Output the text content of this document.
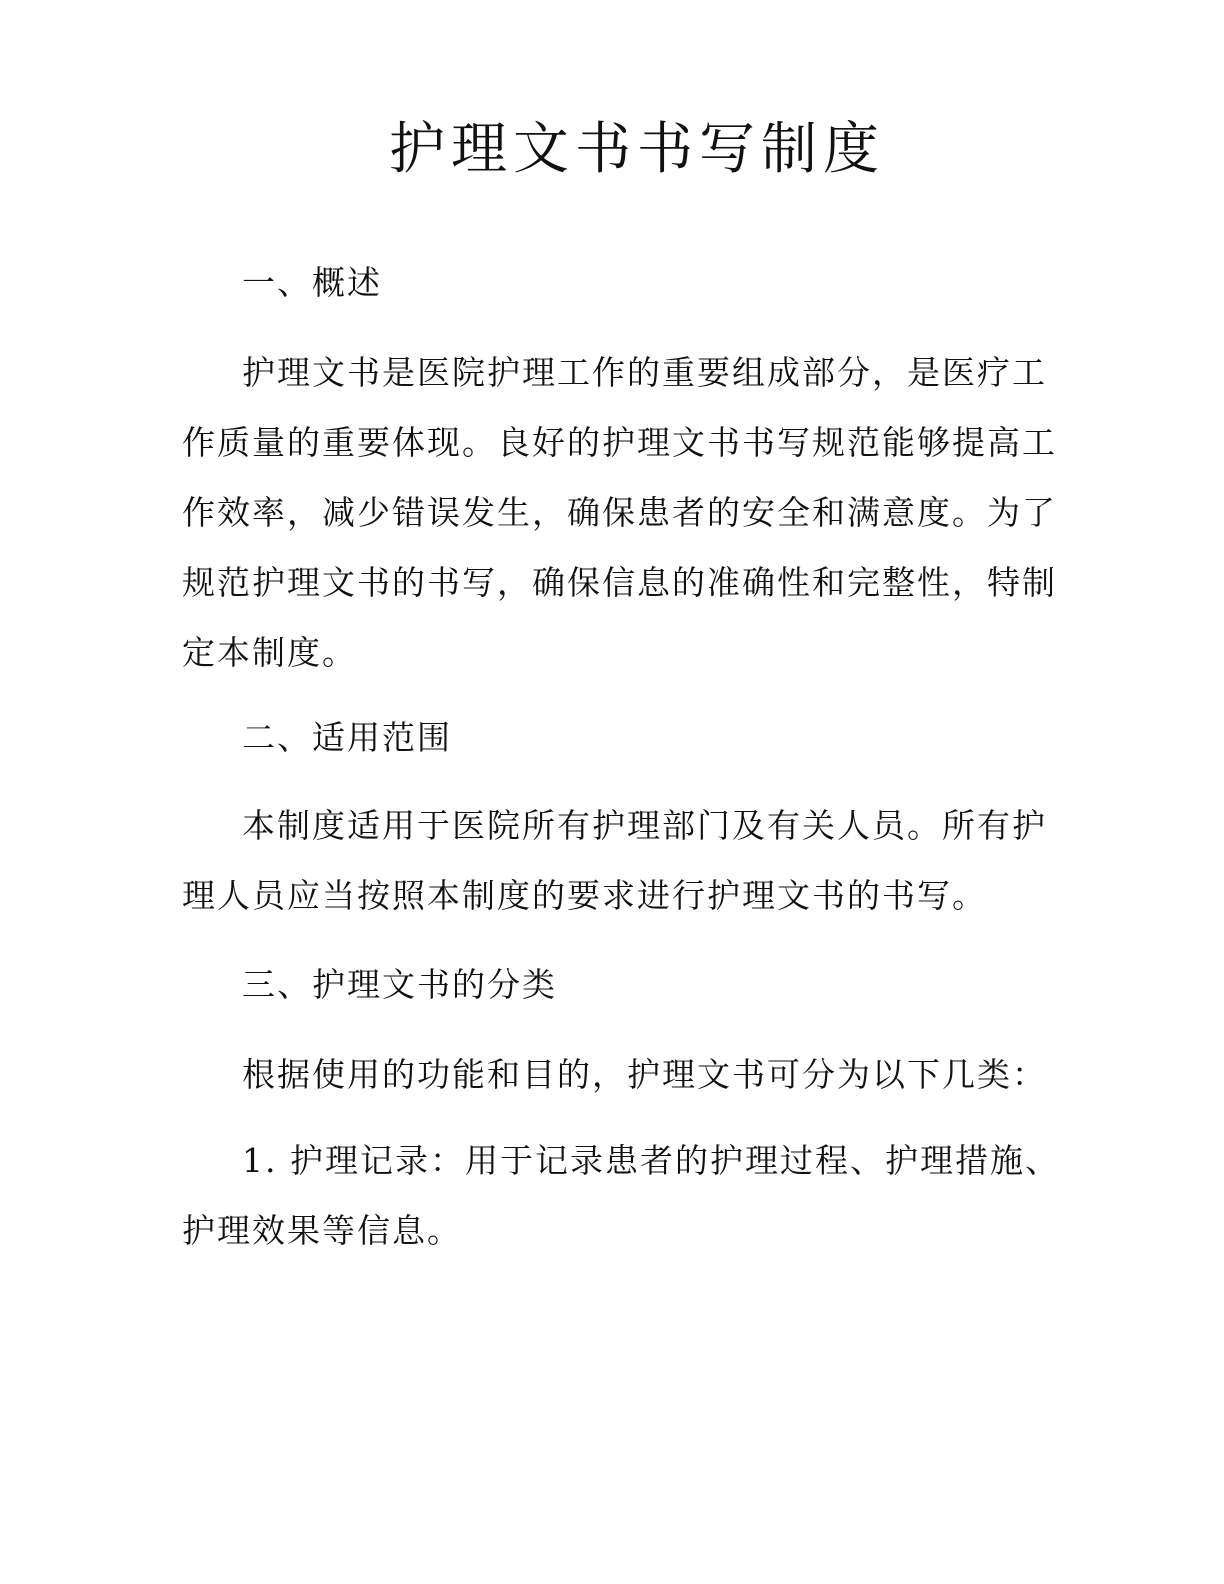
护理文书书写制度

一、概述

护理文书是医院护理工作的重要组成部分，是医疗工作质量的重要体现。良好的护理文书书写规范能够提高工作效率，减少错误发生，确保患者的安全和满意度。为了规范护理文书的书写，确保信息的准确性和完整性，特制定本制度。

二、适用范围

本制度适用于医院所有护理部门及有关人员。所有护理人员应当按照本制度的要求进行护理文书的书写。

三、护理文书的分类

根据使用的功能和目的，护理文书可分为以下几类：

1. 护理记录：用于记录患者的护理过程、护理措施、护理效果等信息。
